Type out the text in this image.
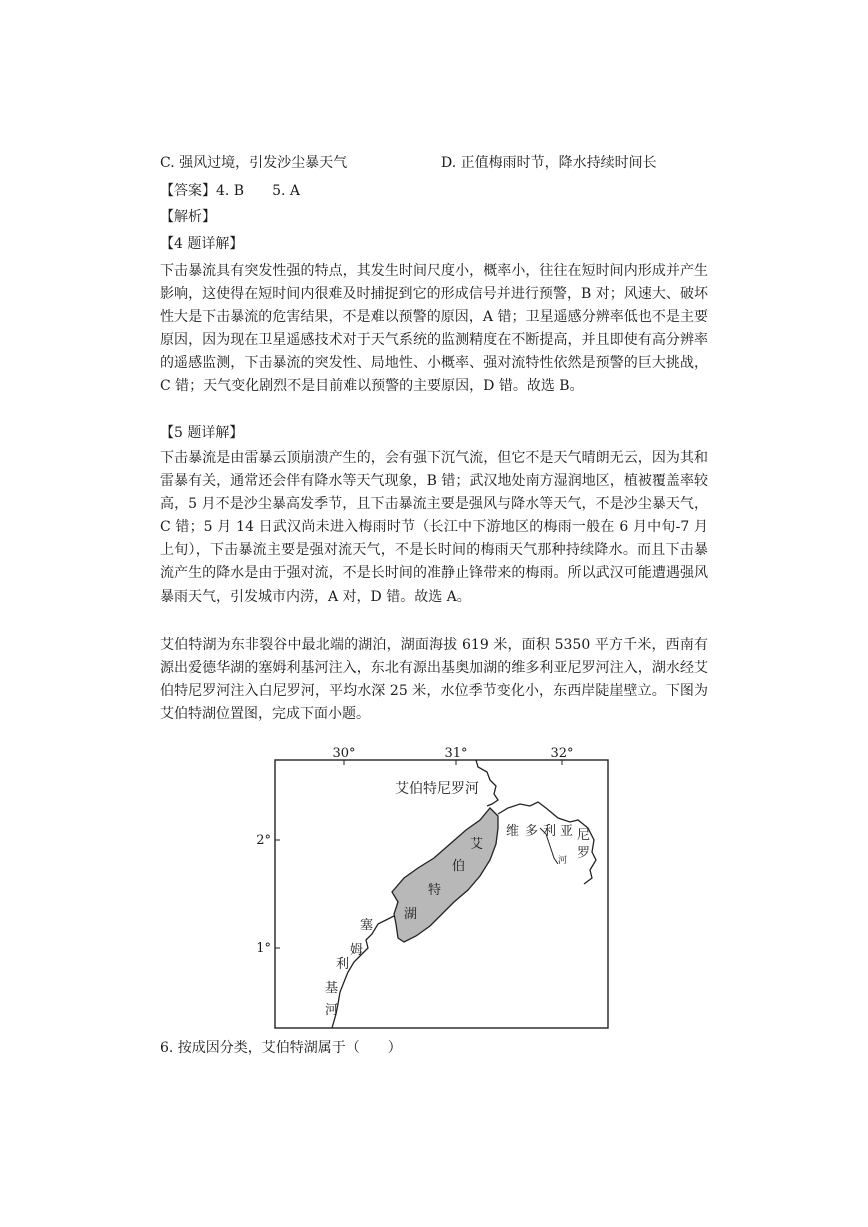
C. 强风过境，引发沙尘暴天气	D. 正值梅雨时节，降水持续时间长
【答案】4. B　　5. A
【解析】
【4 题详解】

下击暴流具有突发性强的特点，其发生时间尺度小，概率小，往往在短时间内形成并产生影响，这使得在短时间内很难及时捕捉到它的形成信号并进行预警，B 对；风速大、破坏性大是下击暴流的危害结果，不是难以预警的原因，A 错；卫星遥感分辨率低也不是主要原因，因为现在卫星遥感技术对于天气系统的监测精度在不断提高，并且即使有高分辨率的遥感监测，下击暴流的突发性、局地性、小概率、强对流特性依然是预警的巨大挑战，C 错；天气变化剧烈不是目前难以预警的主要原因，D 错。故选 B。

【5 题详解】

下击暴流是由雷暴云顶崩溃产生的，会有强下沉气流，但它不是天气晴朗无云，因为其和雷暴有关，通常还会伴有降水等天气现象，B 错；武汉地处南方湿润地区，植被覆盖率较高，5 月不是沙尘暴高发季节，且下击暴流主要是强风与降水等天气，不是沙尘暴天气，C 错；5 月 14 日武汉尚未进入梅雨时节（长江中下游地区的梅雨一般在 6 月中旬-7 月上旬），下击暴流主要是强对流天气，不是长时间的梅雨天气那种持续降水。而且下击暴流产生的降水是由于强对流，不是长时间的准静止锋带来的梅雨。所以武汉可能遭遇强风暴雨天气，引发城市内涝，A 对，D 错。故选 A。

艾伯特湖为东非裂谷中最北端的湖泊，湖面海拔 619 米，面积 5350 平方千米，西南有源出爱德华湖的塞姆利基河注入，东北有源出基奥加湖的维多利亚尼罗河注入，湖水经艾伯特尼罗河注入白尼罗河，平均水深 25 米，水位季节变化小，东西岸陡崖壁立。下图为艾伯特湖位置图，完成下面小题。

30°	31°	32°
2°
1°
艾伯特尼罗河
维 多 利 亚 尼
罗
河
艾
伯
特
湖
塞
姆
利
基
河
6. 按成因分类，艾伯特湖属于（　　）
